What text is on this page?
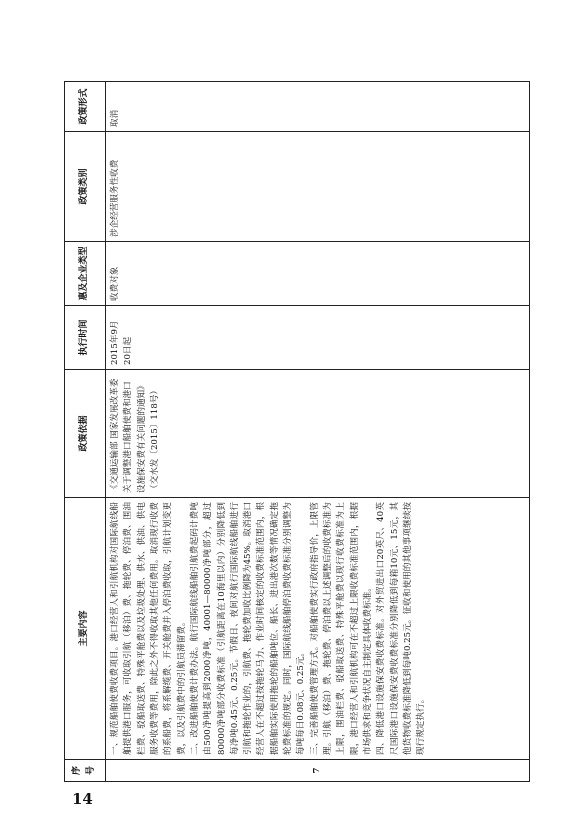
序号	主要内容	政策依据	执行时间	惠及企业类型	政策类别	政策形式
7	一、规范船舶使费收费项目。港口经营人和引航机构对国际航线船舶提供港口服务，可收取引航（移泊）费、拖轮费、停泊费、围油栏费、驳船取送费、特殊平舱费以及垃圾处理、供水、供油、供电服务收费等费用，除此之外不得收取其他任何费用。取消现行收费的系船费，将系解缆费、开关舱费并入停泊费收取，引航计划变更费，以及引航费中的引航员滞留费。 二、改进船舶使费计费办法。航行国际航线船舶引航费起码计费吨由500净吨提高到2000净吨，40001—80000净吨部分，超过80000净吨部分收费标准（引航距离在10海里以内）分别降低到每净吨0.45元、0.25元。节假日、夜间对航行国际航线船舶进行引航和拖轮作业的，引航费、拖轮费加收比例降为45%。取消港口经营人在不超过按拖轮马力、作业时间核定的收费标准范围内，根据船舶实际使用拖轮的船舶吨位、船长、进出港次数等情况确定拖轮费标准的规定。同时，国际航线船舶停泊费收费标准分别调整为每吨每日0.08元、0.25元。 三、完善船舶使费管理方式。对船舶使费实行政府指导价，上限管理。引航（移泊）费、拖轮费、停泊费以上述调整后的收费标准为上限，围油栏费、驳船取送费、特殊平舱费以现行收费标准为上限，港口经营人和引航机构可在不超过上限收费标准范围内，根据市场供求和竞争状况自主制定具体收费标准。 四、降低港口设施保安费收费标准。对外贸进出口20英尺、40英尺国际港口设施保安费收费标准分别降低到每箱10元、15元，其他货物收费标准降低到每吨0.25元。征收和使用的其他事项继续按现行规定执行。	《交通运输部 国家发展改革委关于调整港口船舶使费和港口设施保安费有关问题的通知》（交水发〔2015〕118号）	2015年9月20日起	收费对象	涉企经营服务性收费	取消
14
